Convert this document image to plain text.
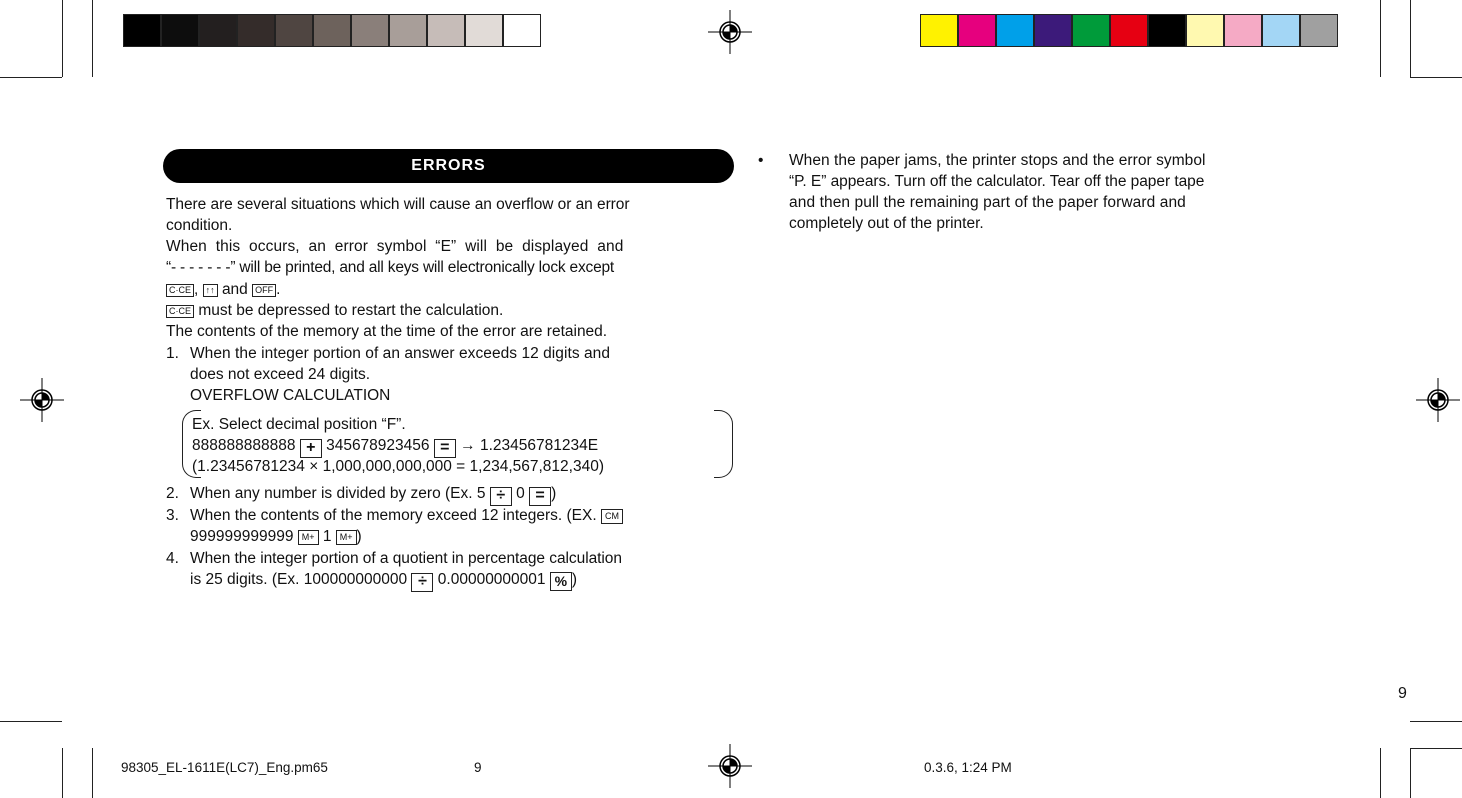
ERRORS
There are several situations which will cause an overflow or an error
condition.
When  this  occurs,  an  error  symbol  “E”  will  be  displayed  and
“- - - - - - -” will be printed, and all keys will electronically lock except
C·CE , ↑↑ and OFF .
C·CE must be depressed to restart the calculation.
The contents of the memory at the time of the error are retained.
1. When the integer portion of an answer exceeds 12 digits and
does not exceed 24 digits.
OVERFLOW CALCULATION
Ex. Select decimal position “F”.
888888888888 + 345678923456 = → 1.23456781234E
(1.23456781234 × 1,000,000,000,000 = 1,234,567,812,340)
2. When any number is divided by zero (Ex. 5 ÷ 0 = )
3. When the contents of the memory exceed 12 integers. (EX. CM
999999999999 M+ 1 M+ )
4. When the integer portion of a quotient in percentage calculation
is 25 digits. (Ex. 100000000000 ÷ 0.00000000001 % )
• When the paper jams, the printer stops and the error symbol
“P. E” appears. Turn off the calculator. Tear off the paper tape
and then pull the remaining part of the paper forward and
completely out of the printer.
9
98305_EL-1611E(LC7)_Eng.pm65	9	0.3.6, 1:24 PM
